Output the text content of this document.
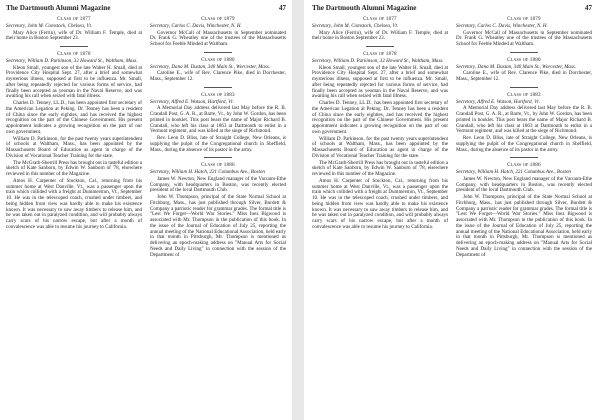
The Dartmouth Alumni Magazine	47
Class of 1877
Secretary, John M. Comstock, Chelsea, Vt.

Mary Alice (Ferrin), wife of Dr. William F. Temple, died at their home in Boston September 23.

Class of 1878
Secretary, William D. Parkinson, 32 Howard St., Waltham, Mass.

Kleon Small, youngest son of the late Walter H. Small, died at Providence City Hospital Sept. 27, after a brief and somewhat mysterious illness, supposed at first to be influenza. Mr. Small, after being repeatedly rejected for various forms of service, had finally been accepted as yeoman in the Naval Reserve, and was awaiting his call when seized with fatal illness.

Charles D. Tenney, LL.D., has been appointed first secretary of the American Legation at Peking. Dr. Tenney has been a resident of China since the early eighties, and has received the highest recognition on the part of the Chinese Government. His present appointment indicates a growing recognition on the part of our own government.

William D. Parkinson, for the past twenty years superintendent of schools at Waltham, Mass., has been appointed by the Massachusetts Board of Education as agent in charge of the Division of Vocational Teacher Training for the state.

The McGrath-Sherrill Press has brought out in tasteful edition a sketch of Kate Sanborn, by Edwin W. Sanborn of '78, elsewhere reviewed in this number of the Magazine.

Amos H. Carpenter of Stockton, Cal., returning from his summer home at West Danville, Vt., was a passenger upon the train which collided with a freight at Dummerston, Vt., September 10. He was in the telescoped coach, crushed under timbers, and being hidden from view was hardly able to make his existence known. It was necessary to saw away timbers to release him, and he was taken out in paralyzed condition, and will probably always carry scars of his narrow escape, but after a month of convalescence was able to resume his journey to California.

Class of 1879
Secretary, Carlos C. Davis, Winchester, N. H.

Governor McCall of Massachusetts in September nominated Dr. Frank G. Wheatley one of the trustees of the Massachusetts School for Feeble Minded at Waltham.

Class of 1880
Secretary, Dana M. Dustan, 340 Main St., Worcester, Mass.

Caroline E., wife of Rev. Clarence Pike, died in Dorchester, Mass., September 12.

Class of 1883
Secretary, Alfred E. Watson, Hartford, Vt.

A Memorial Day address delivered last May before the R. B. Crandall Post, G. A. R., at Barre, Vt., by John W. Gordon, has been printed in booklet. This post bears the name of Major Richard B. Crandall, who left his class at 1863 at Dartmouth to enlist in a Vermont regiment, and was killed at the siege of Richmond.

Rev. Leon D. Bliss, late of Straight College, New Orleans, is supplying the pulpit of the Congregational church in Sheffield, Mass., during the absence of its pastor in the army.

Class of 1886
Secretary, William H. Hatch, 221 Columbus Ave., Boston

James W. Newton, New England manager of the Vacuum-Ethe Company, with headquarters in Boston, was recently elected president of the local Dartmouth Club.

John W. Thompson, principal of the State Normal School at Fitchburg, Mass., has just published through Silver, Burdett & Company a patriotic reader for grammar grades. The formal title is "Lest We Forget—World War Stories." Miss Inez Bigwood is associated with Mr. Thompson in the publication of this book. In the issue of the Journal of Education of July 25, reporting the annual meeting of the National Educational Association, held early in that month in Pittsburgh, Mr. Thompson is mentioned as delivering an epoch-making address on "Manual Arts for Social Needs and Daily Living" in connection with the session of the Department of

The Dartmouth Alumni Magazine	47
Class of 1877
Secretary, John M. Comstock, Chelsea, Vt.

Mary Alice (Ferrin), wife of Dr. William F. Temple, died at their home in Boston September 23.

Class of 1878
Secretary, William D. Parkinson, 32 Howard St., Waltham, Mass.

Kleon Small, youngest son of the late Walter H. Small, died at Providence City Hospital Sept. 27, after a brief and somewhat mysterious illness, supposed at first to be influenza. Mr. Small, after being repeatedly rejected for various forms of service, had finally been accepted as yeoman in the Naval Reserve, and was awaiting his call when seized with fatal illness.

Charles D. Tenney, LL.D., has been appointed first secretary of the American Legation at Peking. Dr. Tenney has been a resident of China since the early eighties, and has received the highest recognition on the part of the Chinese Government. His present appointment indicates a growing recognition on the part of our own government.

William D. Parkinson, for the past twenty years superintendent of schools at Waltham, Mass., has been appointed by the Massachusetts Board of Education as agent in charge of the Division of Vocational Teacher Training for the state.

The McGrath-Sherrill Press has brought out in tasteful edition a sketch of Kate Sanborn, by Edwin W. Sanborn of '78, elsewhere reviewed in this number of the Magazine.

Amos H. Carpenter of Stockton, Cal., returning from his summer home at West Danville, Vt., was a passenger upon the train which collided with a freight at Dummerston, Vt., September 10. He was in the telescoped coach, crushed under timbers, and being hidden from view was hardly able to make his existence known. It was necessary to saw away timbers to release him, and he was taken out in paralyzed condition, and will probably always carry scars of his narrow escape, but after a month of convalescence was able to resume his journey to California.

Class of 1879
Secretary, Carlos C. Davis, Winchester, N. H.

Governor McCall of Massachusetts in September nominated Dr. Frank G. Wheatley one of the trustees of the Massachusetts School for Feeble Minded at Waltham.

Class of 1880
Secretary, Dana M. Dustan, 340 Main St., Worcester, Mass.

Caroline E., wife of Rev. Clarence Pike, died in Dorchester, Mass., September 12.

Class of 1883
Secretary, Alfred E. Watson, Hartford, Vt.

A Memorial Day address delivered last May before the R. B. Crandall Post, G. A. R., at Barre, Vt., by John W. Gordon, has been printed in booklet. This post bears the name of Major Richard B. Crandall, who left his class at 1863 at Dartmouth to enlist in a Vermont regiment, and was killed at the siege of Richmond.

Rev. Leon D. Bliss, late of Straight College, New Orleans, is supplying the pulpit of the Congregational church in Sheffield, Mass., during the absence of its pastor in the army.

Class of 1886
Secretary, William H. Hatch, 221 Columbus Ave., Boston

James W. Newton, New England manager of the Vacuum-Ethe Company, with headquarters in Boston, was recently elected president of the local Dartmouth Club.

John W. Thompson, principal of the State Normal School at Fitchburg, Mass., has just published through Silver, Burdett & Company a patriotic reader for grammar grades. The formal title is "Lest We Forget—World War Stories." Miss Inez Bigwood is associated with Mr. Thompson in the publication of this book. In the issue of the Journal of Education of July 25, reporting the annual meeting of the National Educational Association, held early in that month in Pittsburgh, Mr. Thompson is mentioned as delivering an epoch-making address on "Manual Arts for Social Needs and Daily Living" in connection with the session of the Department of
